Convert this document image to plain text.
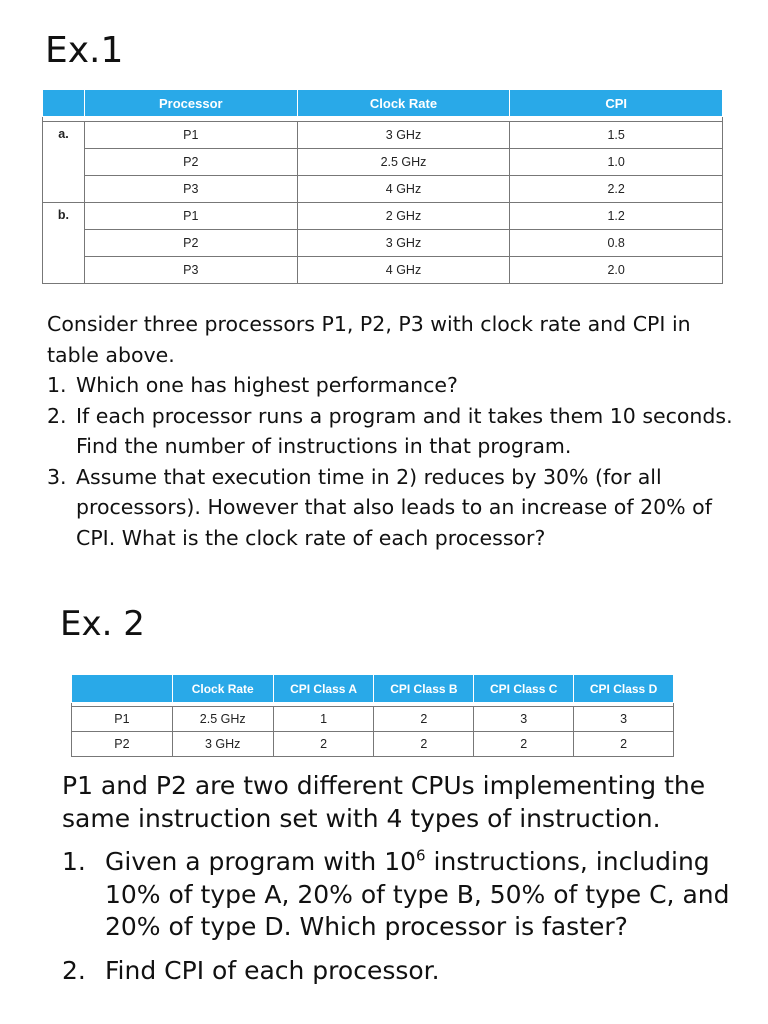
Ex.1
	Processor	Clock Rate	CPI

a.	P1	3 GHz	1.5
	P2	2.5 GHz	1.0
	P3	4 GHz	2.2
b.	P1	2 GHz	1.2
	P2	3 GHz	0.8
	P3	4 GHz	2.0
Consider three processors P1, P2, P3 with clock rate and CPI in table above.
1. Which one has highest performance?
2. If each processor runs a program and it takes them 10 seconds. Find the number of instructions in that program.
3. Assume that execution time in 2) reduces by 30% (for all processors). However that also leads to an increase of 20% of CPI. What is the clock rate of each processor?
Ex. 2
	Clock Rate	CPI Class A	CPI Class B	CPI Class C	CPI Class D

P1	2.5 GHz	1	2	3	3
P2	3 GHz	2	2	2	2
P1 and P2 are two different CPUs implementing the same instruction set with 4 types of instruction.
1. Given a program with $10^6$ instructions, including 10% of type A, 20% of type B, 50% of type C, and 20% of type D. Which processor is faster?
2. Find CPI of each processor.
